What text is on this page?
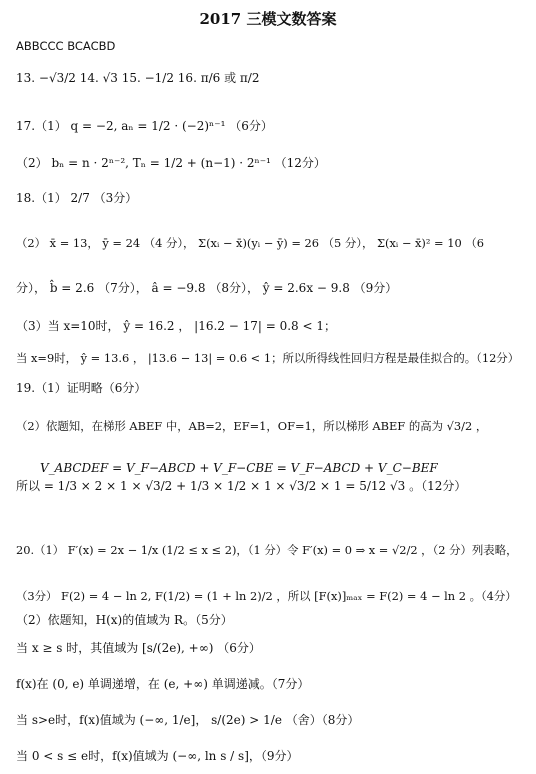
2017 三模文数答案
ABBCCC BCACBD
13. −√3/2 14. √3 15. −1/2 16. π/6 或 π/2
17.（1） q = −2, aₙ = 1/2 · (−2)ⁿ⁻¹ （6分）
（2） bₙ = n · 2ⁿ⁻², Tₙ = 1/2 + (n−1) · 2ⁿ⁻¹ （12分）
18.（1） 2/7 （3分）
（2） x̄ = 13， ȳ = 24 （4 分）， Σ(xᵢ − x̄)(yᵢ − ȳ) = 26 （5 分）， Σ(xᵢ − x̄)² = 10 （6
分）， b̂ = 2.6 （7分）， â = −9.8 （8分）， ŷ = 2.6x − 9.8 （9分）
（3）当 x=10时， ŷ = 16.2 ， |16.2 − 17| = 0.8 < 1；
当 x=9时， ŷ = 13.6 ， |13.6 − 13| = 0.6 < 1；所以所得线性回归方程是最佳拟合的。（12分）
19.（1）证明略（6分）
（2）依题知，在梯形 ABEF 中，AB=2，EF=1，OF=1，所以梯形 ABEF 的高为 √3/2 ，
V_ABCDEF = V_F−ABCD + V_F−CBE = V_F−ABCD + V_C−BEF
所以 = 1/3 × 2 × 1 × √3/2 + 1/3 × 1/2 × 1 × √3/2 × 1 = 5/12 √3 。（12分）
20.（1） F′(x) = 2x − 1/x (1/2 ≤ x ≤ 2)，（1 分）令 F′(x) = 0 ⇒ x = √2/2 ，（2 分）列表略，
（3分） F(2) = 4 − ln 2, F(1/2) = (1 + ln 2)/2 ，所以 [F(x)]ₘₐₓ = F(2) = 4 − ln 2 。（4分）
（2）依题知，H(x)的值域为 R。（5分）
当 x ≥ s 时，其值域为 [s/(2e), +∞) （6分）
f(x)在 (0, e) 单调递增，在 (e, +∞) 单调递减。（7分）
当 s>e时，f(x)值域为 (−∞, 1/e]， s/(2e) > 1/e （舍）（8分）
当 0 < s ≤ e时，f(x)值域为 (−∞, ln s / s]，（9分）
